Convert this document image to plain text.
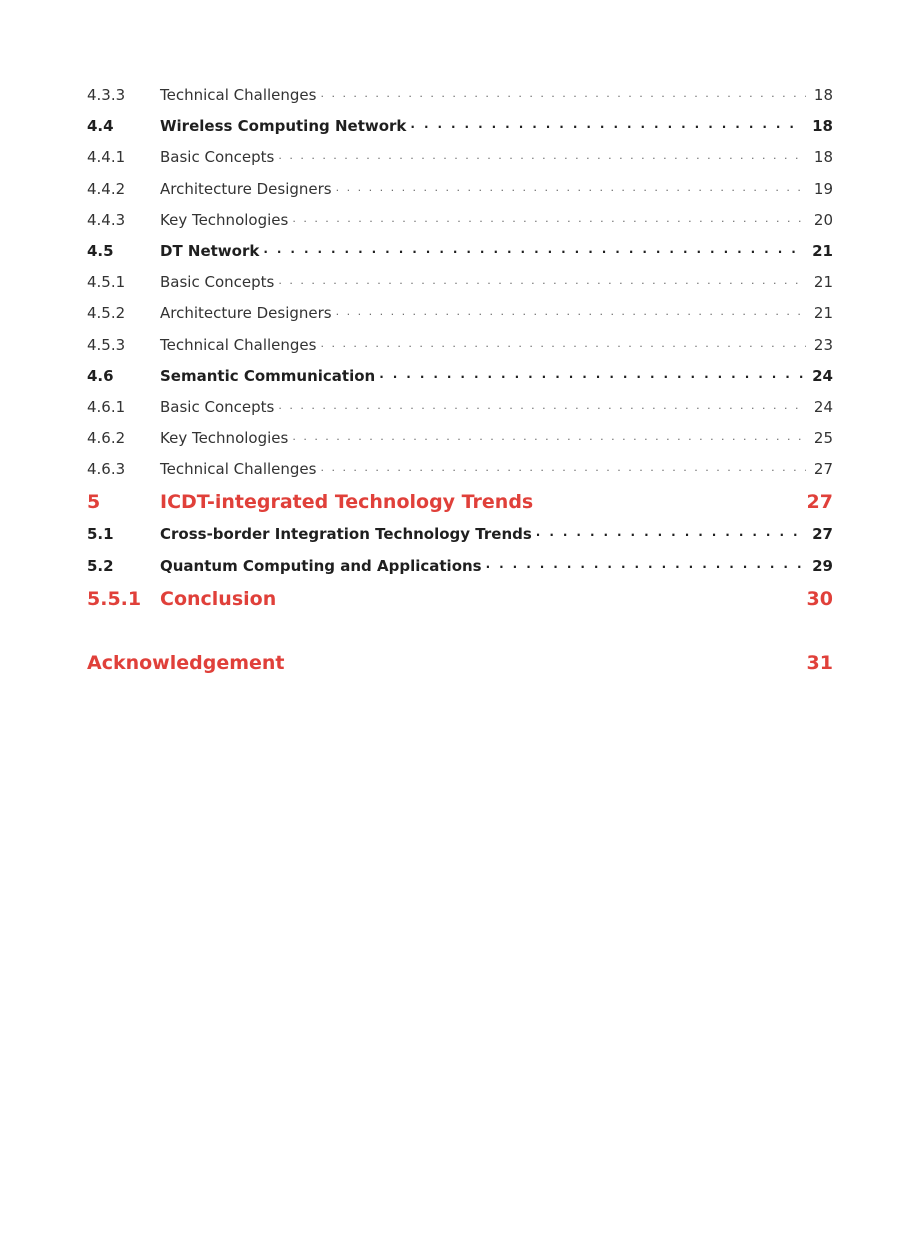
4.3.3	Technical Challenges · · ·	18
4.4	Wireless Computing Network · · ·	18
4.4.1	Basic Concepts · · ·	18
4.4.2	Architecture Designers · · ·	19
4.4.3	Key Technologies · · ·	20
4.5	DT Network · · ·	21
4.5.1	Basic Concepts · · ·	21
4.5.2	Architecture Designers · · ·	21
4.5.3	Technical Challenges · · ·	23
4.6	Semantic Communication · · ·	24
4.6.1	Basic Concepts · · ·	24
4.6.2	Key Technologies · · ·	25
4.6.3	Technical Challenges · · ·	27
5	ICDT-integrated Technology Trends	27
5.1	Cross-border Integration Technology Trends · · ·	27
5.2	Quantum Computing and Applications · · ·	29
5.5.1 Conclusion	30
Acknowledgement	31
